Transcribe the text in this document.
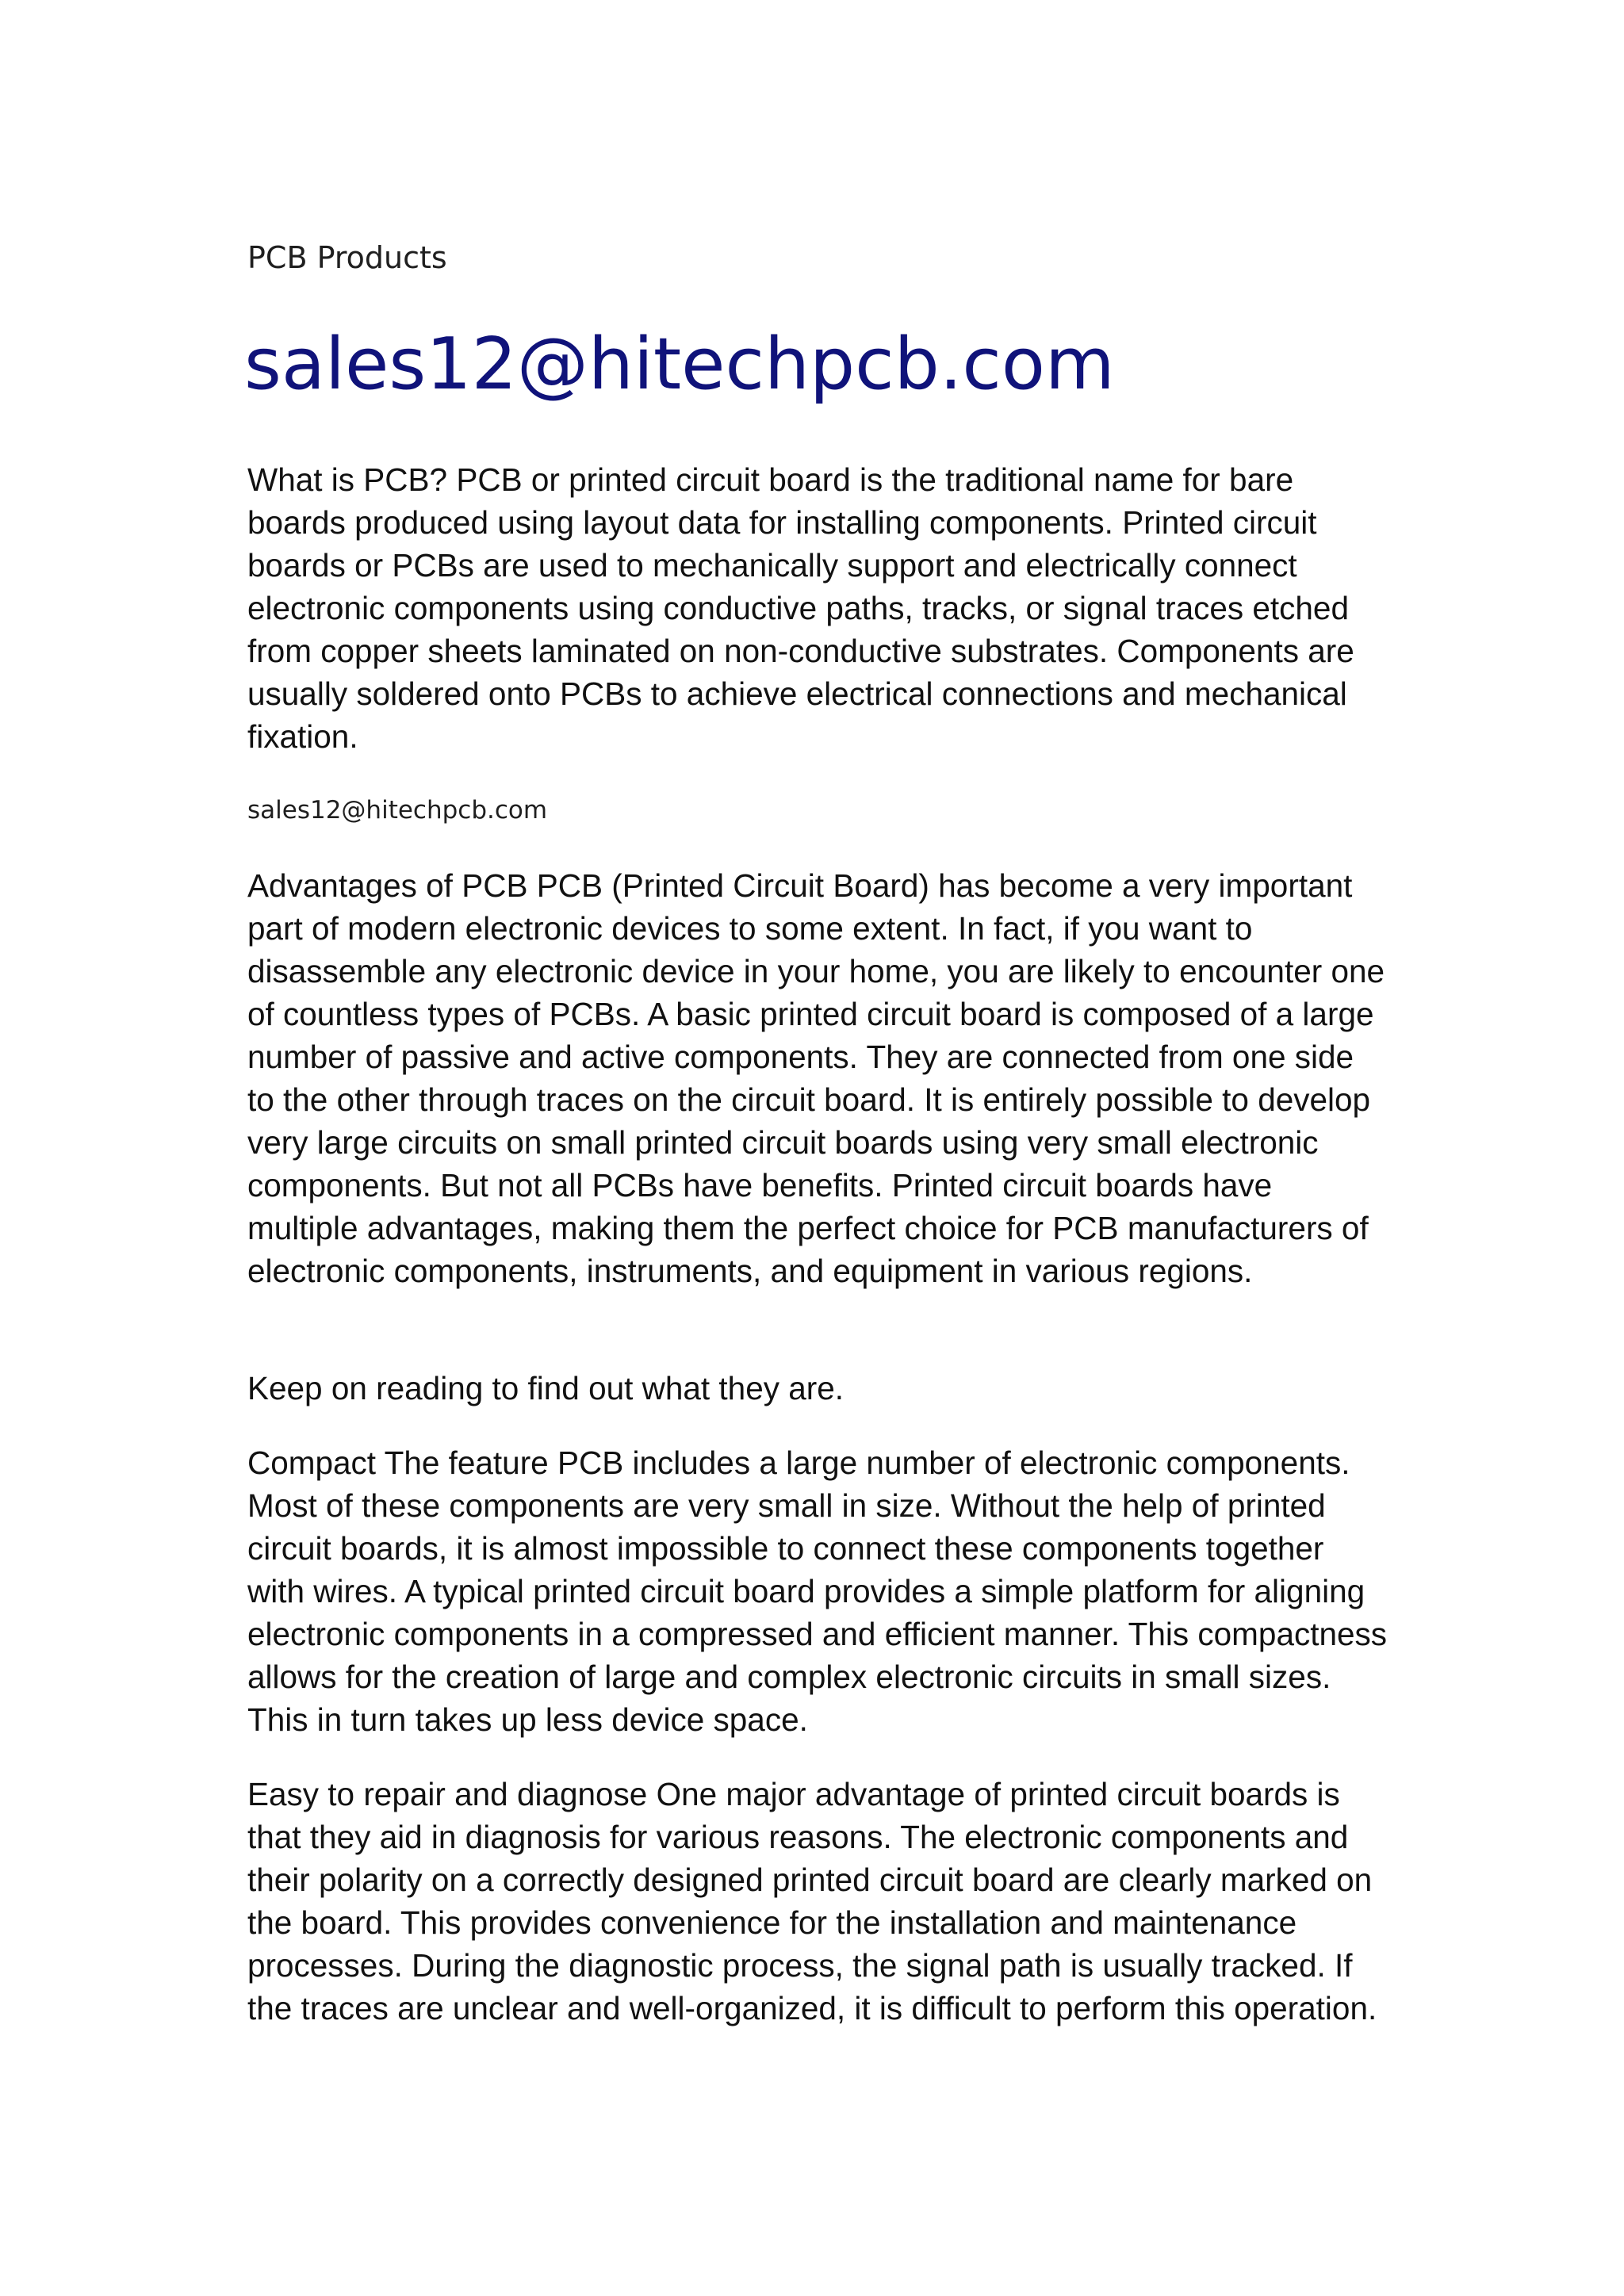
PCB Products

sales12@hitechpcb.com

What is PCB? PCB or printed circuit board is the traditional name for bare boards produced using layout data for installing components. Printed circuit boards or PCBs are used to mechanically support and electrically connect electronic components using conductive paths, tracks, or signal traces etched from copper sheets laminated on non-conductive substrates. Components are usually soldered onto PCBs to achieve electrical connections and mechanical fixation.

sales12@hitechpcb.com

Advantages of PCB PCB (Printed Circuit Board) has become a very important part of modern electronic devices to some extent. In fact, if you want to disassemble any electronic device in your home, you are likely to encounter one of countless types of PCBs. A basic printed circuit board is composed of a large number of passive and active components. They are connected from one side to the other through traces on the circuit board. It is entirely possible to develop very large circuits on small printed circuit boards using very small electronic components. But not all PCBs have benefits. Printed circuit boards have multiple advantages, making them the perfect choice for PCB manufacturers of electronic components, instruments, and equipment in various regions.

Keep on reading to find out what they are.

Compact The feature PCB includes a large number of electronic components. Most of these components are very small in size. Without the help of printed circuit boards, it is almost impossible to connect these components together with wires. A typical printed circuit board provides a simple platform for aligning electronic components in a compressed and efficient manner. This compactness allows for the creation of large and complex electronic circuits in small sizes. This in turn takes up less device space.

Easy to repair and diagnose One major advantage of printed circuit boards is that they aid in diagnosis for various reasons. The electronic components and their polarity on a correctly designed printed circuit board are clearly marked on the board. This provides convenience for the installation and maintenance processes. During the diagnostic process, the signal path is usually tracked. If the traces are unclear and well-organized, it is difficult to perform this operation.
